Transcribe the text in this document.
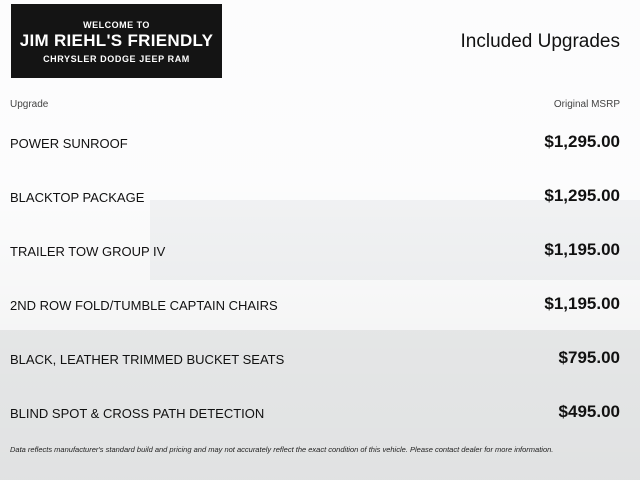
WELCOME TO
JIM RIEHL'S FRIENDLY
CHRYSLER DODGE JEEP RAM
Included Upgrades
Upgrade	Original MSRP
POWER SUNROOF	$1,295.00
BLACKTOP PACKAGE	$1,295.00
TRAILER TOW GROUP IV	$1,195.00
2ND ROW FOLD/TUMBLE CAPTAIN CHAIRS	$1,195.00
BLACK, LEATHER TRIMMED BUCKET SEATS	$795.00
BLIND SPOT & CROSS PATH DETECTION	$495.00
Data reflects manufacturer's standard build and pricing and may not accurately reflect the exact condition of this vehicle. Please contact dealer for more information.
